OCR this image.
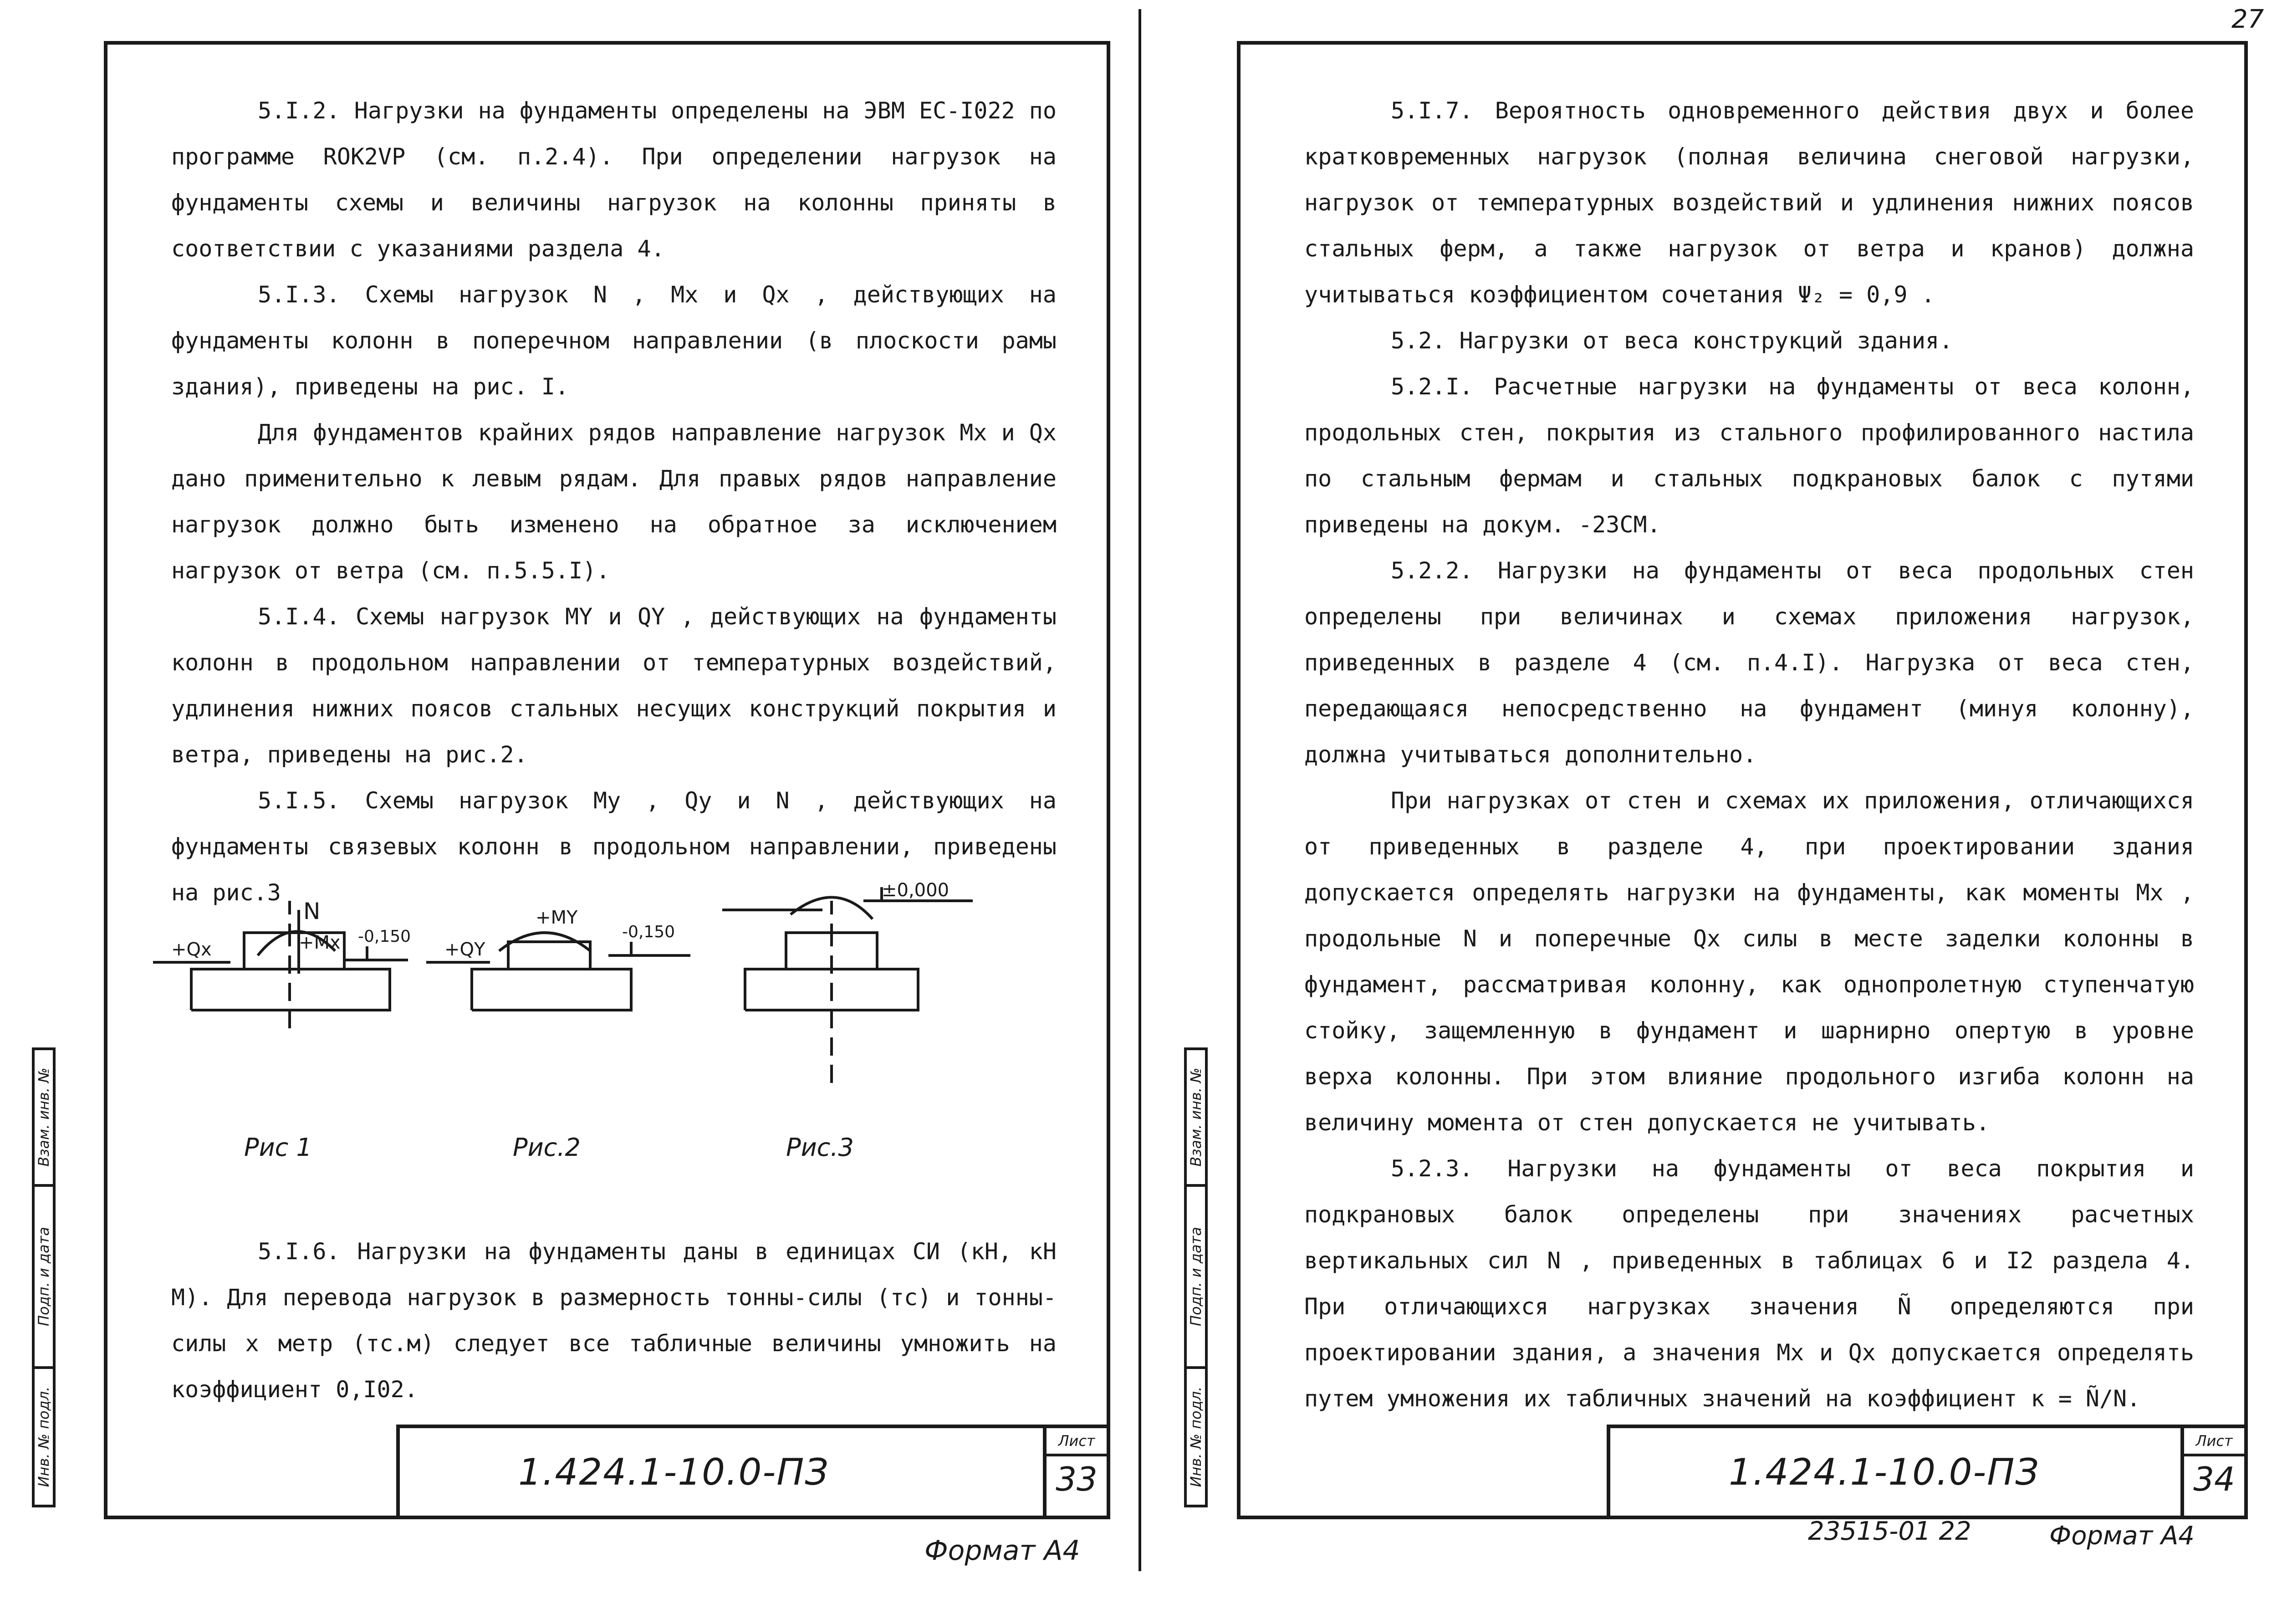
5.I.2. Нагрузки на фундаменты определены на ЭВМ ЕС-I022 по программе ROK2VP (см. п.2.4). При определении нагрузок на фундаменты схемы и величины нагрузок на колонны приняты в соответствии с указаниями раздела 4.

5.I.3. Схемы нагрузок N , Mx и Qx , действующих на фундаменты колонн в поперечном направлении (в плоскости рамы здания), приведены на рис. I.

Для фундаментов крайних рядов направление нагрузок Mx и Qx дано применительно к левым рядам. Для правых рядов направление нагрузок должно быть изменено на обратное за исключением нагрузок от ветра (см. п.5.5.I).

5.I.4. Схемы нагрузок MY и QY , действующих на фундаменты колонн в продольном направлении от температурных воздействий, удлинения нижних поясов стальных несущих конструкций покрытия и ветра, приведены на рис.2.

5.I.5. Схемы нагрузок My , Qy и N , действующих на фундаменты связевых колонн в продольном направлении, приведены на рис.3

N
+Mx
+Qx
-0,150
+MY
+QY
-0,150
±0,000
Рис 1	Рис.2	Рис.3

5.I.6. Нагрузки на фундаменты даны в единицах СИ (кН, кН М). Для перевода нагрузок в размерность тонны-силы (тс) и тонны-силы х метр (тс.м) следует все табличные величины умножить на коэффициент 0,I02.

1.424.1-10.0-ПЗ
Лист
33
Взам. инв. №
Подп. и дата
Инв. № подл.
Формат А4

5.I.7. Вероятность одновременного действия двух и более кратковременных нагрузок (полная величина снеговой нагрузки, нагрузок от температурных воздействий и удлинения нижних поясов стальных ферм, а также нагрузок от ветра и кранов) должна учитываться коэффициентом сочетания Ψ₂ = 0,9 .

5.2. Нагрузки от веса конструкций здания.

5.2.I. Расчетные нагрузки на фундаменты от веса колонн, продольных стен, покрытия из стального профилированного настила по стальным фермам и стальных подкрановых балок с путями приведены на докум. -23СМ.

5.2.2. Нагрузки на фундаменты от веса продольных стен определены при величинах и схемах приложения нагрузок, приведенных в разделе 4 (см. п.4.I). Нагрузка от веса стен, передающаяся непосредственно на фундамент (минуя колонну), должна учитываться дополнительно.

При нагрузках от стен и схемах их приложения, отличающихся от приведенных в разделе 4, при проектировании здания допускается определять нагрузки на фундаменты, как моменты Mx , продольные N и поперечные Qx силы в месте заделки колонны в фундамент, рассматривая колонну, как однопролетную ступенчатую стойку, защемленную в фундамент и шарнирно опертую в уровне верха колонны. При этом влияние продольного изгиба колонн на величину момента от стен допускается не учитывать.

5.2.3. Нагрузки на фундаменты от веса покрытия и подкрановых балок определены при значениях расчетных вертикальных сил N , приведенных в таблицах 6 и I2 раздела 4. При отличающихся нагрузках значения Ñ определяются при проектировании здания, а значения Mx и Qx допускается определять путем умножения их табличных значений на коэффициент к = Ñ/N.

1.424.1-10.0-ПЗ
Лист
34
Взам. инв. №
Подп. и дата
Инв. № подл.
27
23515-01 22	Формат А4
